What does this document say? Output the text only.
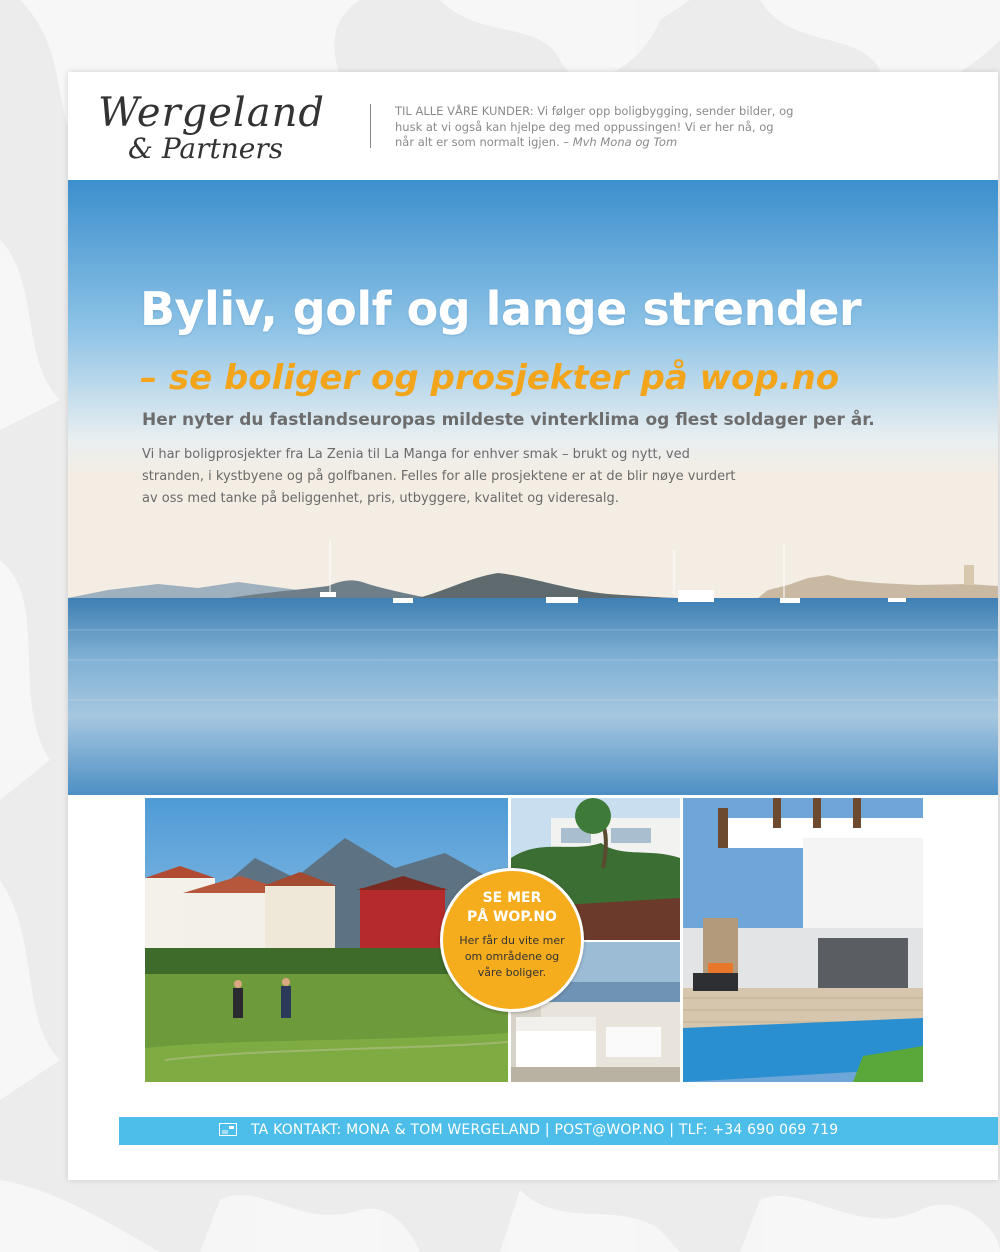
Wergeland
& Partners
TIL ALLE VÅRE KUNDER: Vi følger opp boligbygging, sender bilder, og husk at vi også kan hjelpe deg med oppussingen! Vi er her nå, og når alt er som normalt igjen. – Mvh Mona og Tom
Byliv, golf og lange strender
– se boliger og prosjekter på wop.no
Her nyter du fastlandseuropas mildeste vinterklima og flest soldager per år.
Vi har boligprosjekter fra La Zenia til La Manga for enhver smak – brukt og nytt, ved stranden, i kystbyene og på golfbanen. Felles for alle prosjektene er at de blir nøye vurdert av oss med tanke på beliggenhet, pris, utbyggere, kvalitet og videresalg.
SE MER
PÅ WOP.NO
Her får du vite mer om områdene og våre boliger.
TA KONTAKT: MONA & TOM WERGELAND | POST@WOP.NO | TLF: +34 690 069 719
